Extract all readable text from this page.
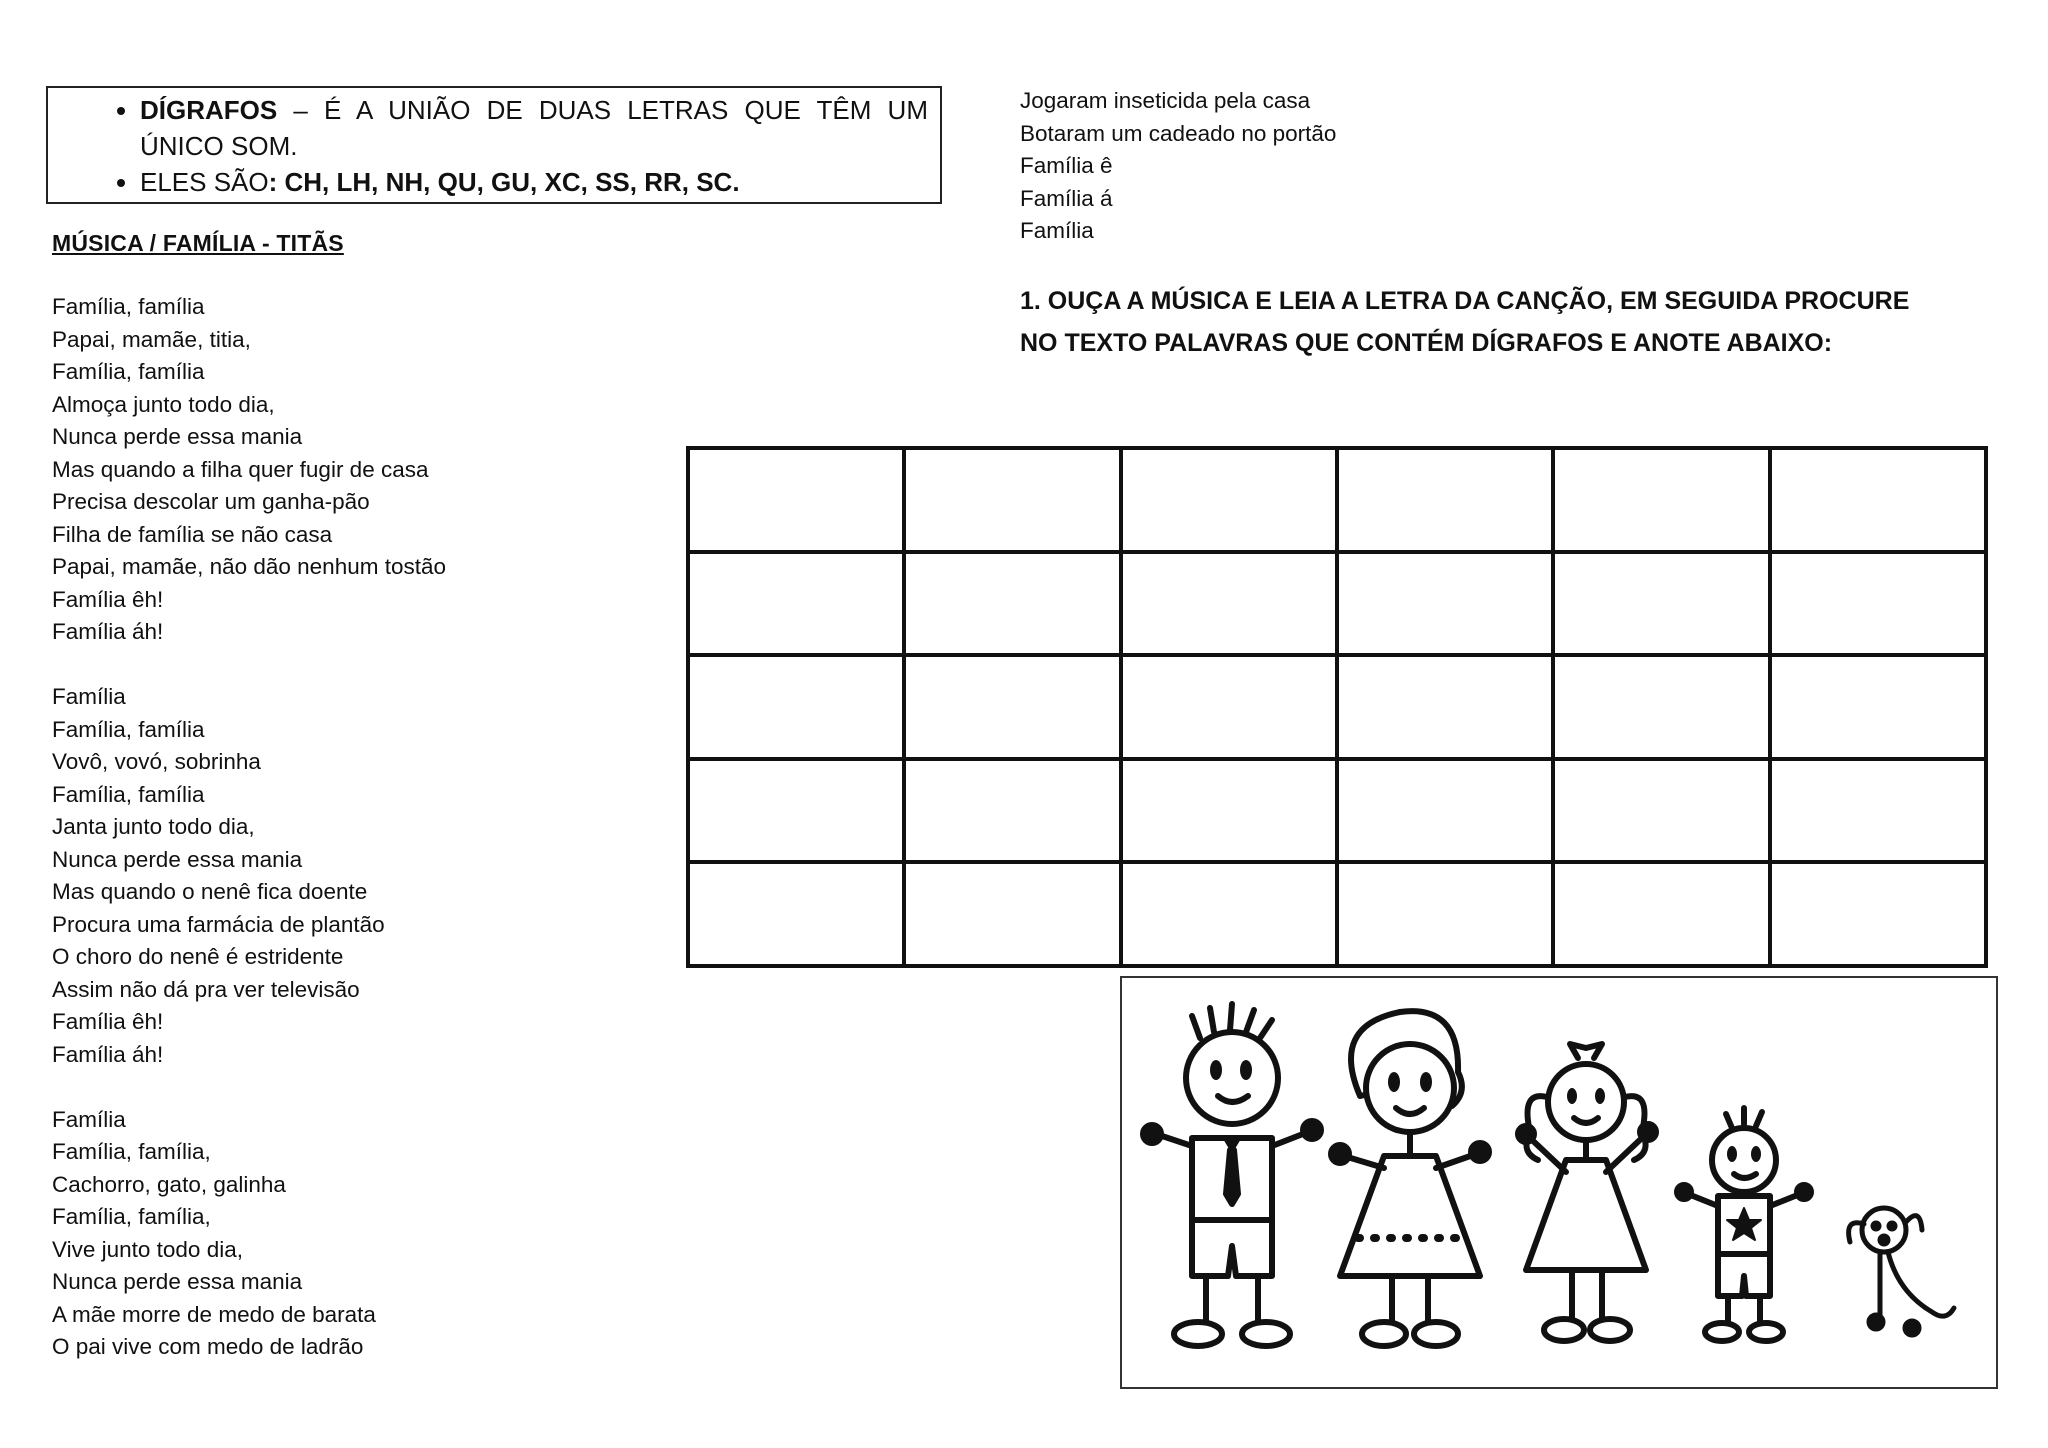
• DÍGRAFOS – É A UNIÃO DE DUAS LETRAS QUE TÊM UM ÚNICO SOM.
• ELES SÃO: CH, LH, NH, QU, GU, XC, SS, RR, SC.
MÚSICA / FAMÍLIA - TITÃS
Família, família
Papai, mamãe, titia,
Família, família
Almoça junto todo dia,
Nunca perde essa mania
Mas quando a filha quer fugir de casa
Precisa descolar um ganha-pão
Filha de família se não casa
Papai, mamãe, não dão nenhum tostão
Família êh!
Família áh!
Família
Família, família
Vovô, vovó, sobrinha
Família, família
Janta junto todo dia,
Nunca perde essa mania
Mas quando o nenê fica doente
Procura uma farmácia de plantão
O choro do nenê é estridente
Assim não dá pra ver televisão
Família êh!
Família áh!
Família
Família, família,
Cachorro, gato, galinha
Família, família,
Vive junto todo dia,
Nunca perde essa mania
A mãe morre de medo de barata
O pai vive com medo de ladrão
Jogaram inseticida pela casa
Botaram um cadeado no portão
Família ê
Família á
Família
1. OUÇA A MÚSICA E LEIA A LETRA DA CANÇÃO, EM SEGUIDA PROCURE
NO TEXTO PALAVRAS QUE CONTÉM DÍGRAFOS E ANOTE ABAIXO:
